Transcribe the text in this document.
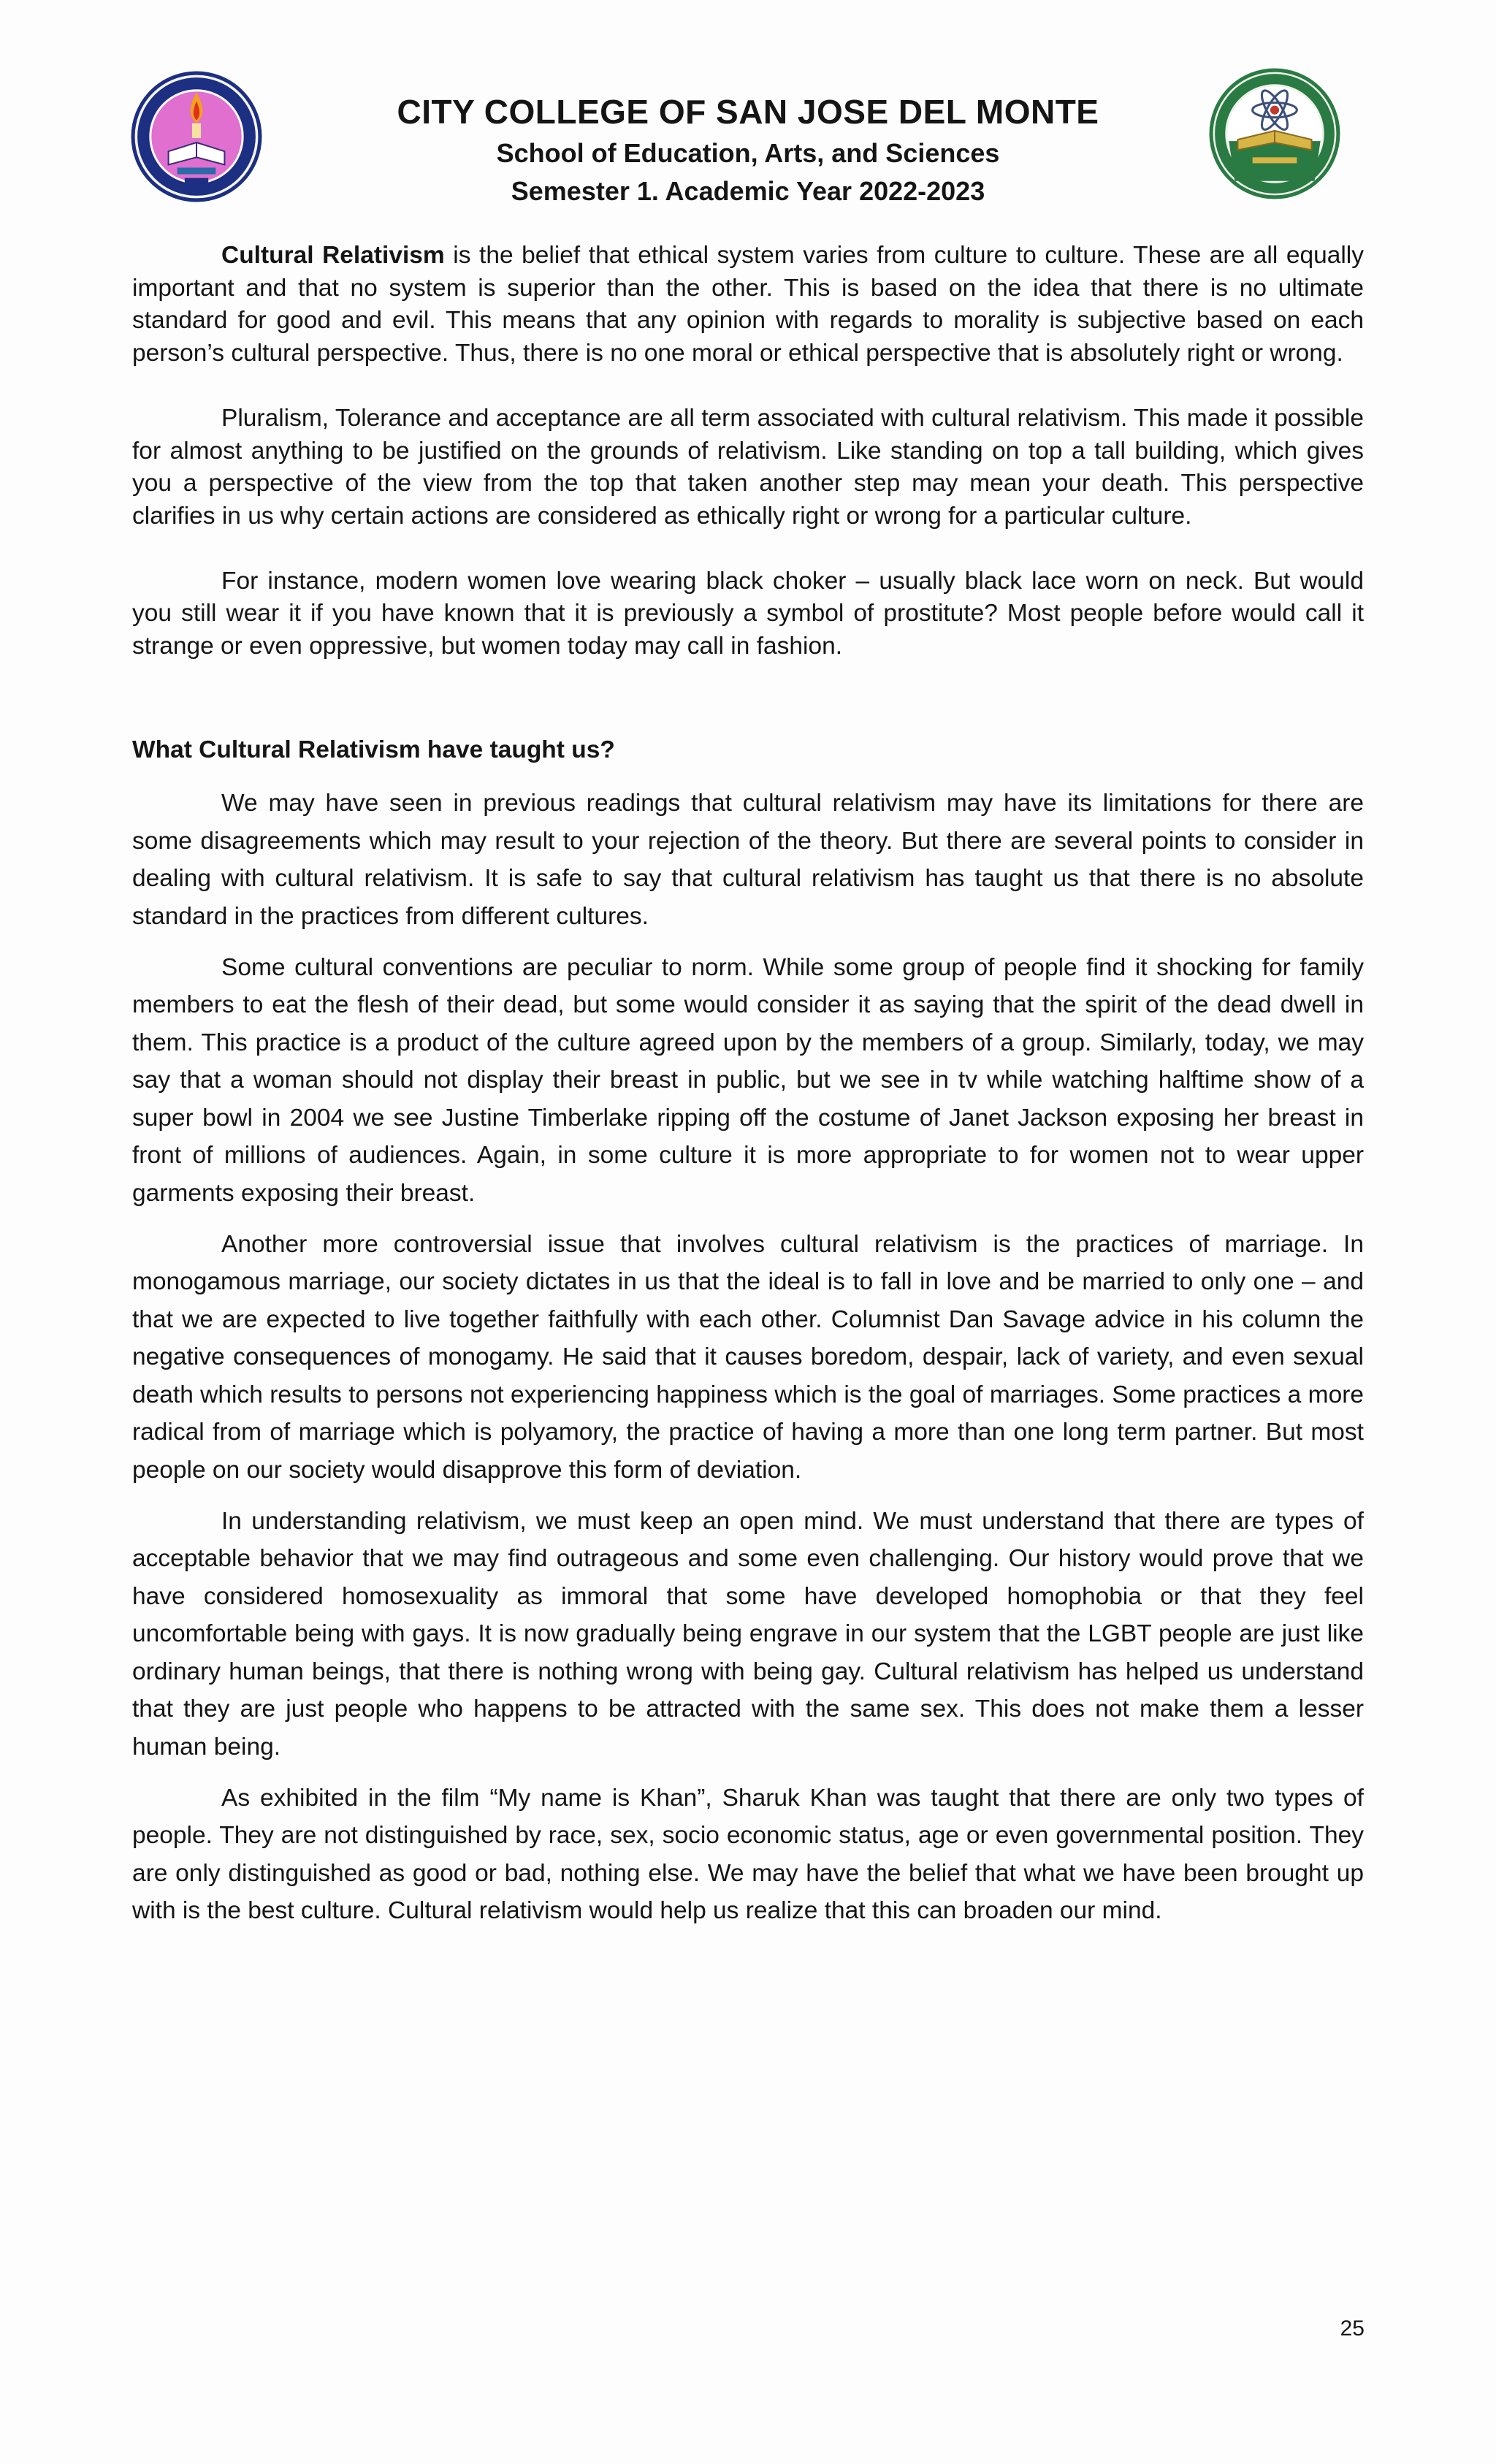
CITY COLLEGE OF SAN JOSE DEL MONTE
School of Education, Arts, and Sciences
Semester 1. Academic Year 2022-2023

Cultural Relativism is the belief that ethical system varies from culture to culture. These are all equally important and that no system is superior than the other. This is based on the idea that there is no ultimate standard for good and evil. This means that any opinion with regards to morality is subjective based on each person’s cultural perspective. Thus, there is no one moral or ethical perspective that is absolutely right or wrong.

Pluralism, Tolerance and acceptance are all term associated with cultural relativism. This made it possible for almost anything to be justified on the grounds of relativism. Like standing on top a tall building, which gives you a perspective of the view from the top that taken another step may mean your death. This perspective clarifies in us why certain actions are considered as ethically right or wrong for a particular culture.

For instance, modern women love wearing black choker – usually black lace worn on neck. But would you still wear it if you have known that it is previously a symbol of prostitute? Most people before would call it strange or even oppressive, but women today may call in fashion.

What Cultural Relativism have taught us?

We may have seen in previous readings that cultural relativism may have its limitations for there are some disagreements which may result to your rejection of the theory. But there are several points to consider in dealing with cultural relativism. It is safe to say that cultural relativism has taught us that there is no absolute standard in the practices from different cultures.

Some cultural conventions are peculiar to norm. While some group of people find it shocking for family members to eat the flesh of their dead, but some would consider it as saying that the spirit of the dead dwell in them. This practice is a product of the culture agreed upon by the members of a group. Similarly, today, we may say that a woman should not display their breast in public, but we see in tv while watching halftime show of a super bowl in 2004 we see Justine Timberlake ripping off the costume of Janet Jackson exposing her breast in front of millions of audiences. Again, in some culture it is more appropriate to for women not to wear upper garments exposing their breast.

Another more controversial issue that involves cultural relativism is the practices of marriage. In monogamous marriage, our society dictates in us that the ideal is to fall in love and be married to only one – and that we are expected to live together faithfully with each other. Columnist Dan Savage advice in his column the negative consequences of monogamy. He said that it causes boredom, despair, lack of variety, and even sexual death which results to persons not experiencing happiness which is the goal of marriages. Some practices a more radical from of marriage which is polyamory, the practice of having a more than one long term partner. But most people on our society would disapprove this form of deviation.

In understanding relativism, we must keep an open mind. We must understand that there are types of acceptable behavior that we may find outrageous and some even challenging. Our history would prove that we have considered homosexuality as immoral that some have developed homophobia or that they feel uncomfortable being with gays. It is now gradually being engrave in our system that the LGBT people are just like ordinary human beings, that there is nothing wrong with being gay. Cultural relativism has helped us understand that they are just people who happens to be attracted with the same sex. This does not make them a lesser human being.

As exhibited in the film “My name is Khan”, Sharuk Khan was taught that there are only two types of people. They are not distinguished by race, sex, socio economic status, age or even governmental position. They are only distinguished as good or bad, nothing else. We may have the belief that what we have been brought up with is the best culture. Cultural relativism would help us realize that this can broaden our mind.

25
